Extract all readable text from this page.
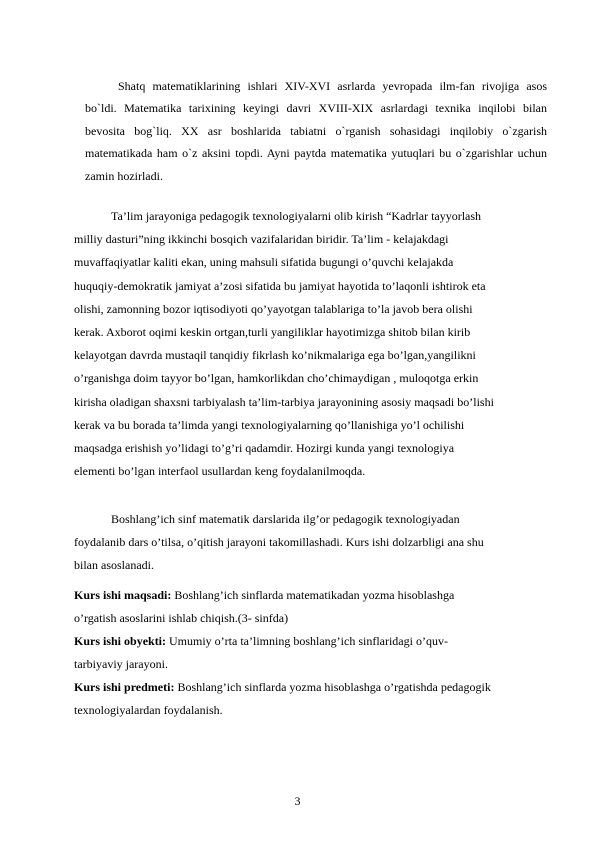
Shatq matematiklarining ishlari XIV-XVI asrlarda yevropada ilm-fan rivojiga asos bo`ldi. Matematika tarixining keyingi davri XVIII-XIX asrlardagi texnika inqilobi bilan bevosita bog`liq. XX asr boshlarida tabiatni o`rganish sohasidagi inqilobiy o`zgarish matematikada ham o`z aksini topdi. Ayni paytda matematika yutuqlari bu o`zgarishlar uchun zamin hozirladi.

Ta’lim jarayoniga pedagogik texnologiyalarni olib kirish “Kadrlar tayyorlash
milliy dasturi”ning ikkinchi bosqich vazifalaridan biridir. Ta’lim - kelajakdagi
muvaffaqiyatlar kaliti ekan, uning mahsuli sifatida bugungi o’quvchi kelajakda
huquqiy-demokratik jamiyat a’zosi sifatida bu jamiyat hayotida to’laqonli ishtirok eta
olishi, zamonning bozor iqtisodiyoti qo’yayotgan talablariga to’la javob bera olishi
kerak. Axborot oqimi keskin ortgan,turli yangiliklar hayotimizga shitob bilan kirib
kelayotgan davrda mustaqil tanqidiy fikrlash ko’nikmalariga ega bo’lgan,yangilikni
o’rganishga doim tayyor bo’lgan, hamkorlikdan cho’chimaydigan , muloqotga erkin
kirisha oladigan shaxsni tarbiyalash ta’lim-tarbiya jarayonining asosiy maqsadi bo’lishi
kerak va bu borada ta’limda yangi texnologiyalarning qo’llanishiga yo’l ochilishi
maqsadga erishish yo’lidagi to’g’ri qadamdir. Hozirgi kunda yangi texnologiya
elementi bo’lgan interfaol usullardan keng foydalanilmoqda.

Boshlang’ich sinf matematik darslarida ilg’or pedagogik texnologiyadan
foydalanib dars o’tilsa, o’qitish jarayoni takomillashadi. Kurs ishi dolzarbligi ana shu
bilan asoslanadi.

Kurs ishi maqsadi: Boshlang’ich sinflarda matematikadan yozma hisoblashga
o’rgatish asoslarini ishlab chiqish.(3- sinfda)

Kurs ishi obyekti: Umumiy o’rta ta’limning boshlang’ich sinflaridagi o’quv-
tarbiyaviy jarayoni.

Kurs ishi predmeti: Boshlang’ich sinflarda yozma hisoblashga o’rgatishda pedagogik
texnologiyalardan foydalanish.

3
